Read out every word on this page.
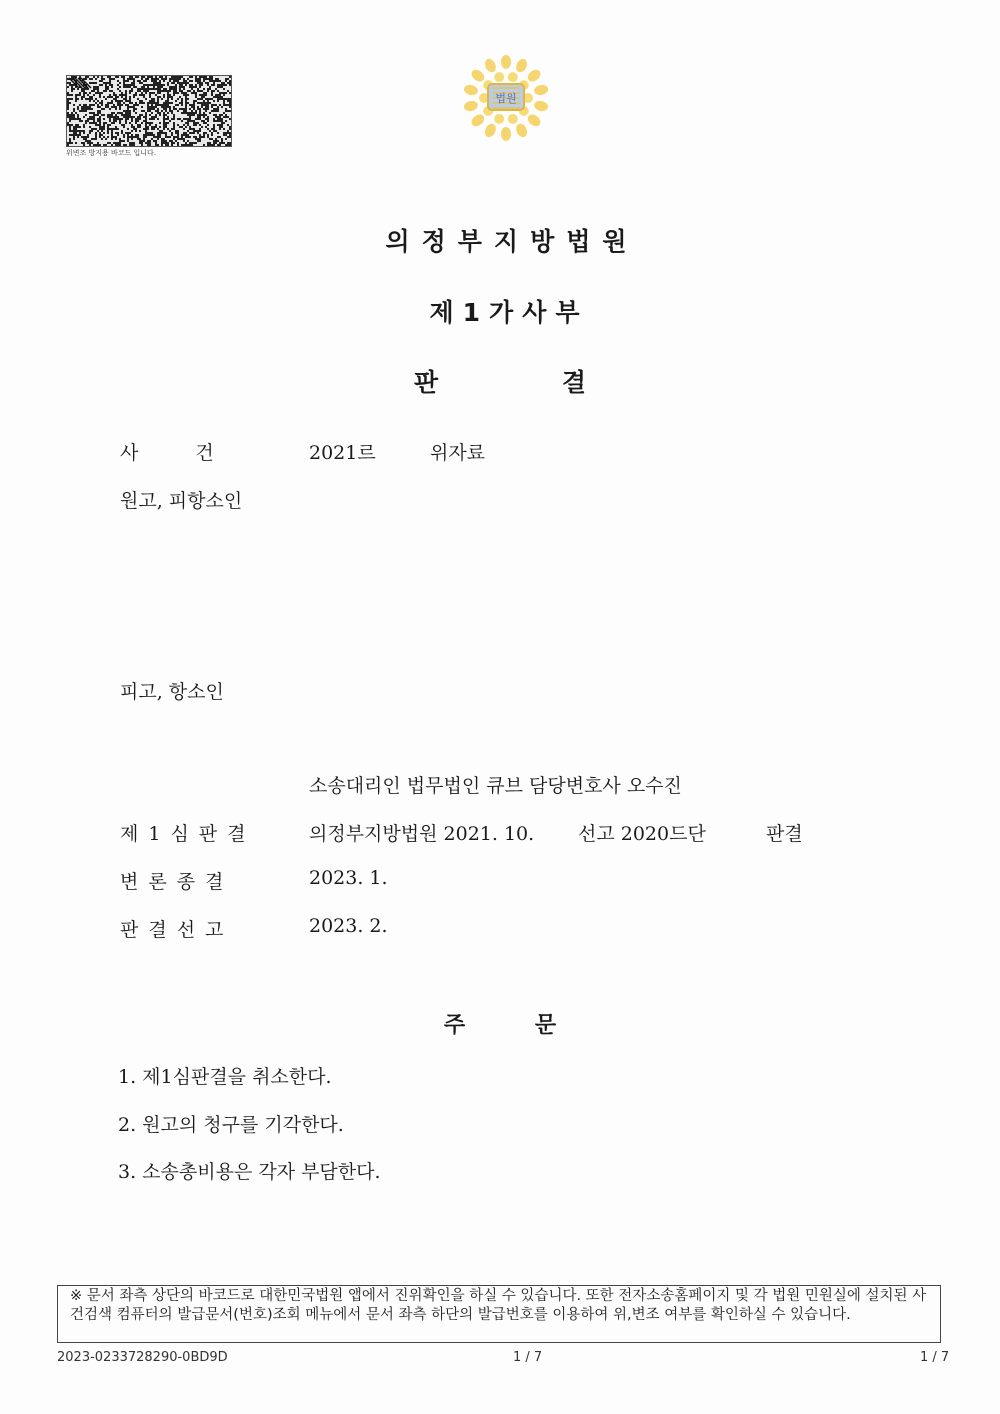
위변조 방지용 바코드 입니다.
법원
의정부지방법원
제1가사부
판 결
사　　　건	2021르	위자료
원고, 피항소인
피고, 항소인
소송대리인 법무법인 큐브 담당변호사 오수진
제1심판결	의정부지방법원 2021. 10. 선고 2020드단	판결
변론종결	2023. 1.
판결선고	2023. 2.
주 문
1. 제1심판결을 취소한다.
2. 원고의 청구를 기각한다.
3. 소송총비용은 각자 부담한다.
※ 문서 좌측 상단의 바코드로 대한민국법원 앱에서 진위확인을 하실 수 있습니다. 또한 전자소송홈페이지 및 각 법원 민원실에 설치된 사건검색 컴퓨터의 발급문서(번호)조회 메뉴에서 문서 좌측 하단의 발급번호를 이용하여 위,변조 여부를 확인하실 수 있습니다.
2023-0233728290-0BD9D	1 / 7	1 / 7
